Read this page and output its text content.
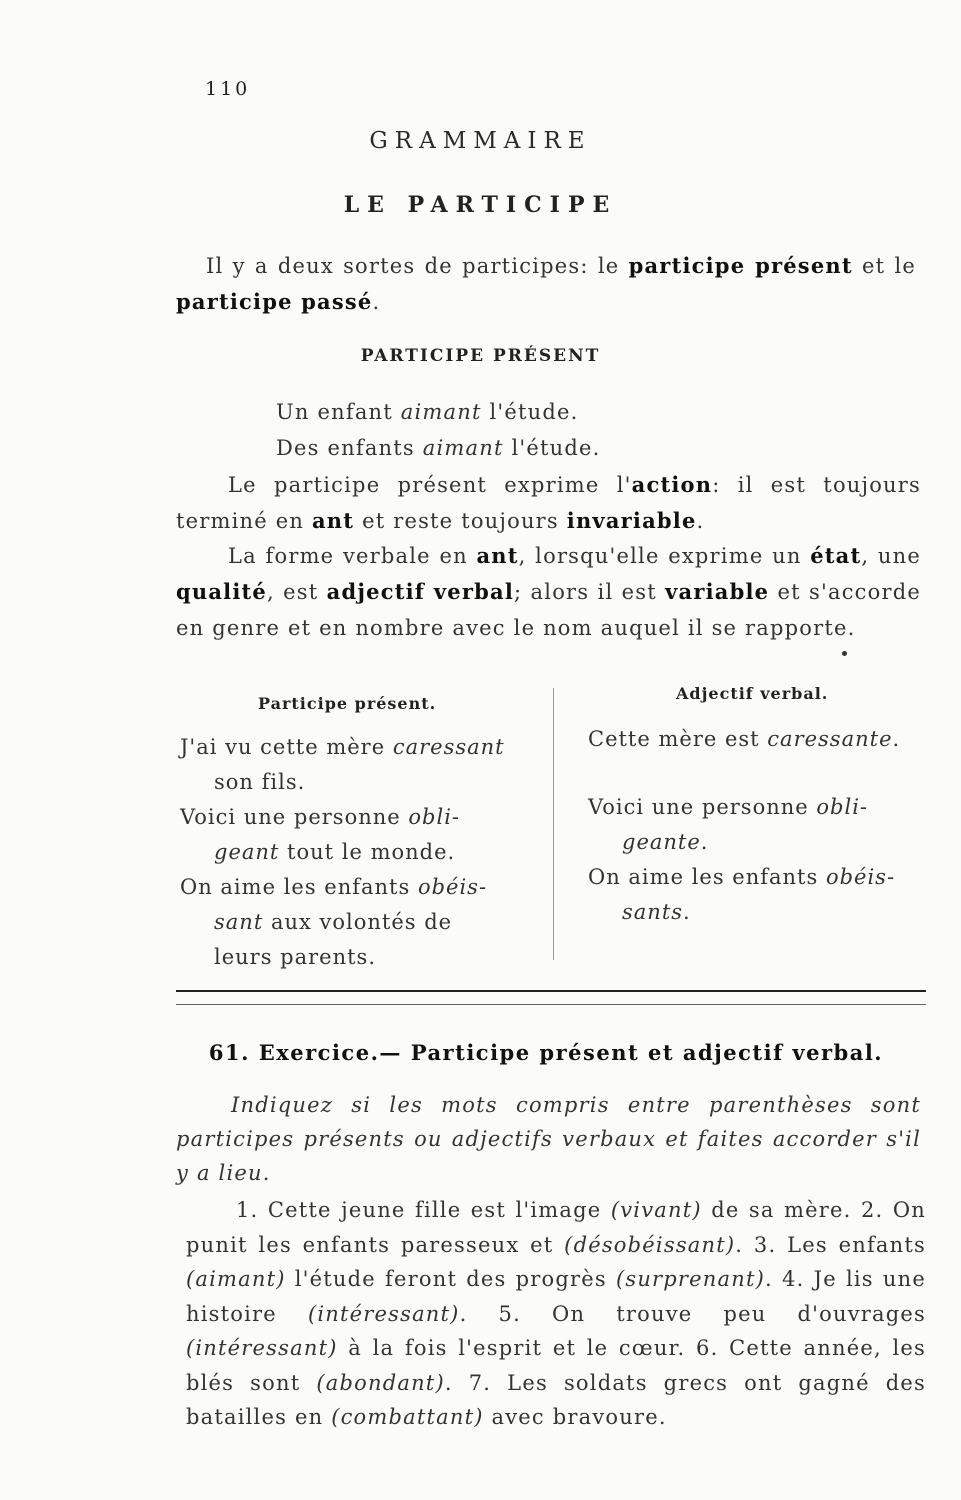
110
GRAMMAIRE
LE PARTICIPE
Il y a deux sortes de participes: le participe présent et le participe passé.
PARTICIPE PRÉSENT
Un enfant aimant l'étude.
Des enfants aimant l'étude.
Le participe présent exprime l'action: il est toujours terminé en ant et reste toujours invariable.
La forme verbale en ant, lorsqu'elle exprime un état, une qualité, est adjectif verbal; alors il est variable et s'accorde en genre et en nombre avec le nom auquel il se rapporte.
Participe présent.
Adjectif verbal.

J'ai vu cette mère caressant

son fils.

Voici une personne obli-

geant tout le monde.

On aime les enfants obéis-

sant aux volontés de

leurs parents.

Cette mère est caressante.

Voici une personne obli-

geante.

On aime les enfants obéis-

sants.

61. Exercice.— Participe présent et adjectif verbal.
Indiquez si les mots compris entre parenthèses sont participes présents ou adjectifs verbaux et faites accorder s'il y a lieu.
1. Cette jeune fille est l'image (vivant) de sa mère. 2. On punit les enfants paresseux et (désobéissant). 3. Les enfants (aimant) l'étude feront des progrès (surprenant). 4. Je lis une histoire (intéressant). 5. On trouve peu d'ouvrages (intéressant) à la fois l'esprit et le cœur. 6. Cette année, les blés sont (abondant). 7. Les soldats grecs ont gagné des batailles en (combattant) avec bravoure.
